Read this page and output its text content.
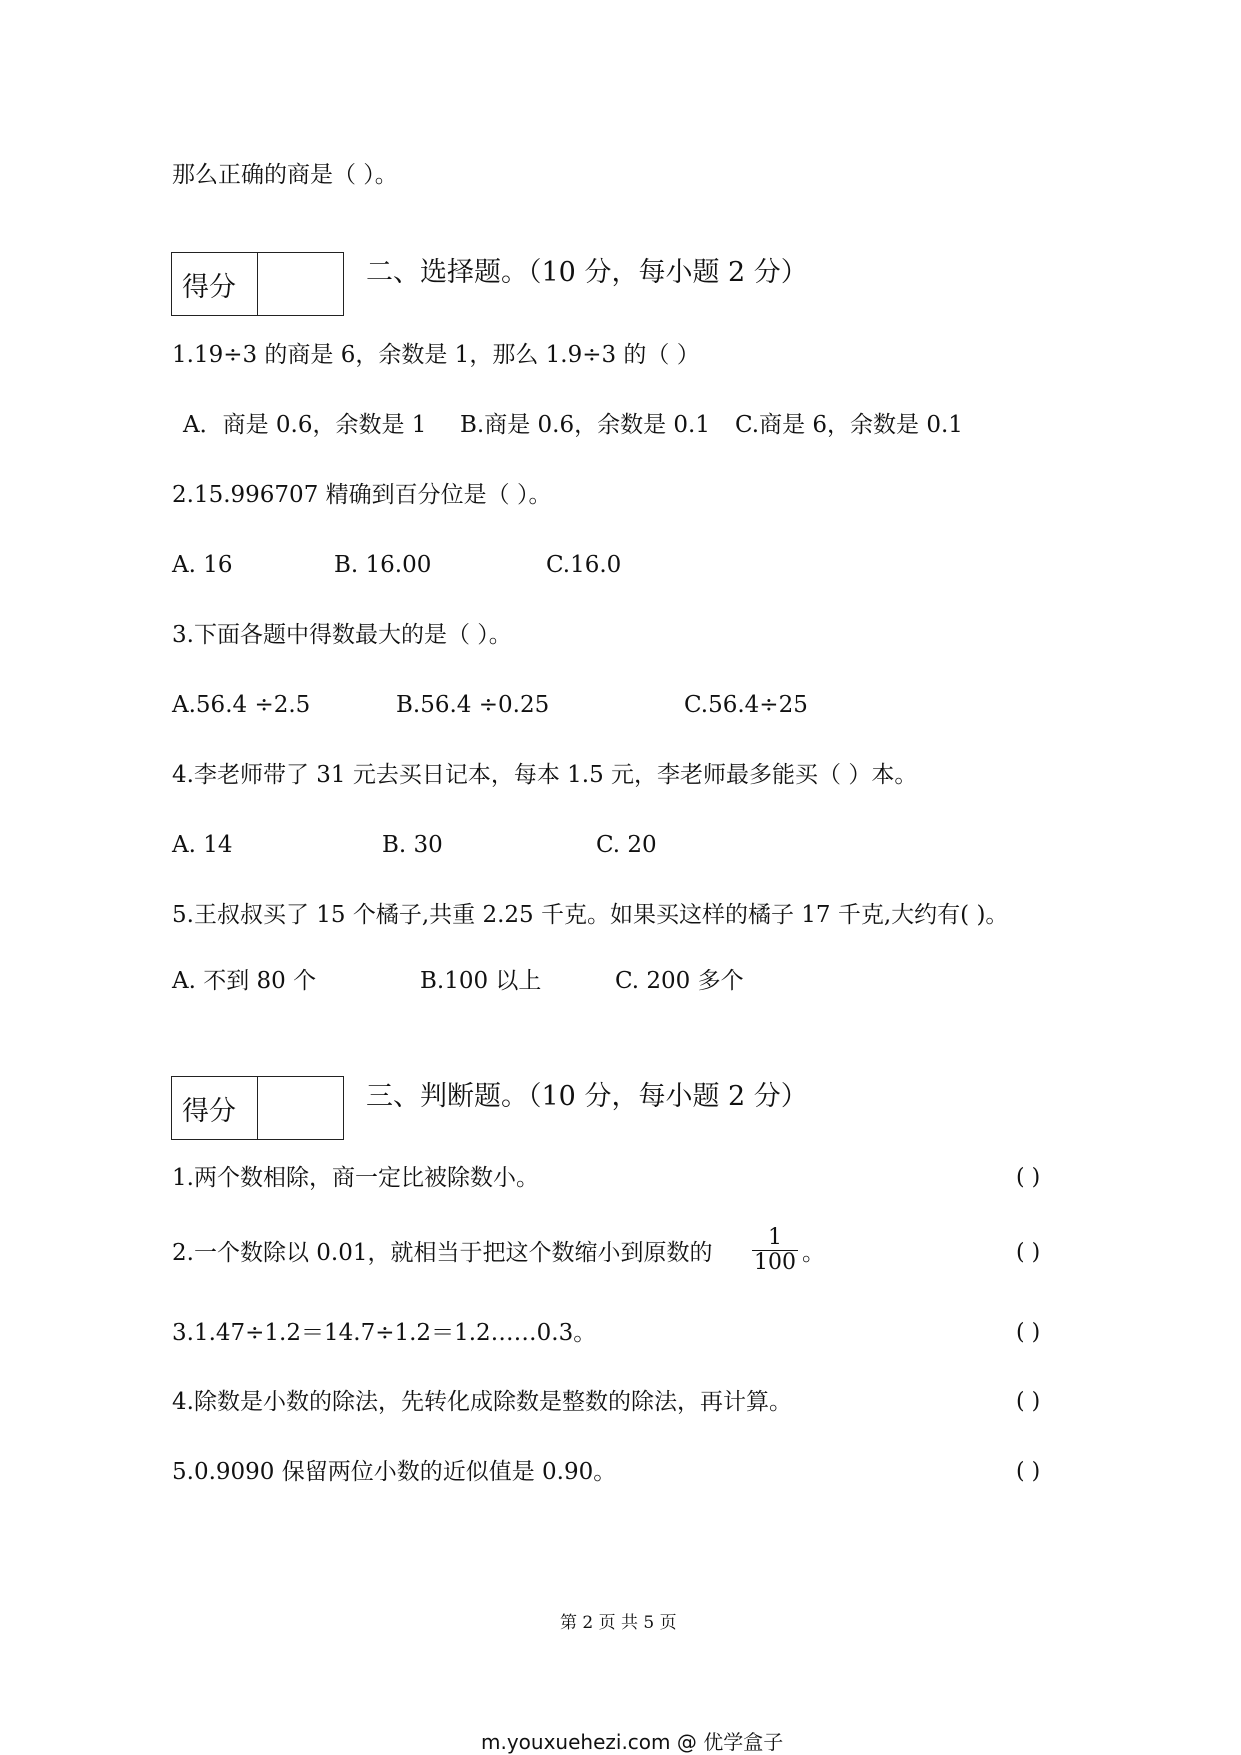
那么正确的商是（ ）。
得分	二、选择题。（10 分，每小题 2 分）
1.19÷3 的商是 6，余数是 1，那么 1.9÷3 的（ ）
A．商是 0.6，余数是 1 B.商是 0.6，余数是 0.1 C.商是 6，余数是 0.1
2.15.996707 精确到百分位是（ ）。
A. 16	B. 16.00	C.16.0
3.下面各题中得数最大的是（ ）。
A.56.4 ÷2.5	B.56.4 ÷0.25	C.56.4÷25
4.李老师带了 31 元去买日记本，每本 1.5 元，李老师最多能买（ ）本。
A. 14	B. 30	C. 20
5.王叔叔买了 15 个橘子,共重 2.25 千克。如果买这样的橘子 17 千克,大约有( )。
A. 不到 80 个	B.100 以上	C. 200 多个
得分	三、判断题。（10 分，每小题 2 分）
1.两个数相除，商一定比被除数小。	( )
2.一个数除以 0.01，就相当于把这个数缩小到原数的 $\frac{1}{100}$ 。	( )
3.1.47÷1.2＝14.7÷1.2＝1.2……0.3。	( )
4.除数是小数的除法，先转化成除数是整数的除法，再计算。	( )
5.0.9090 保留两位小数的近似值是 0.90。	( )
第 2 页 共 5 页
m.youxuehezi.com @ 优学盒子
